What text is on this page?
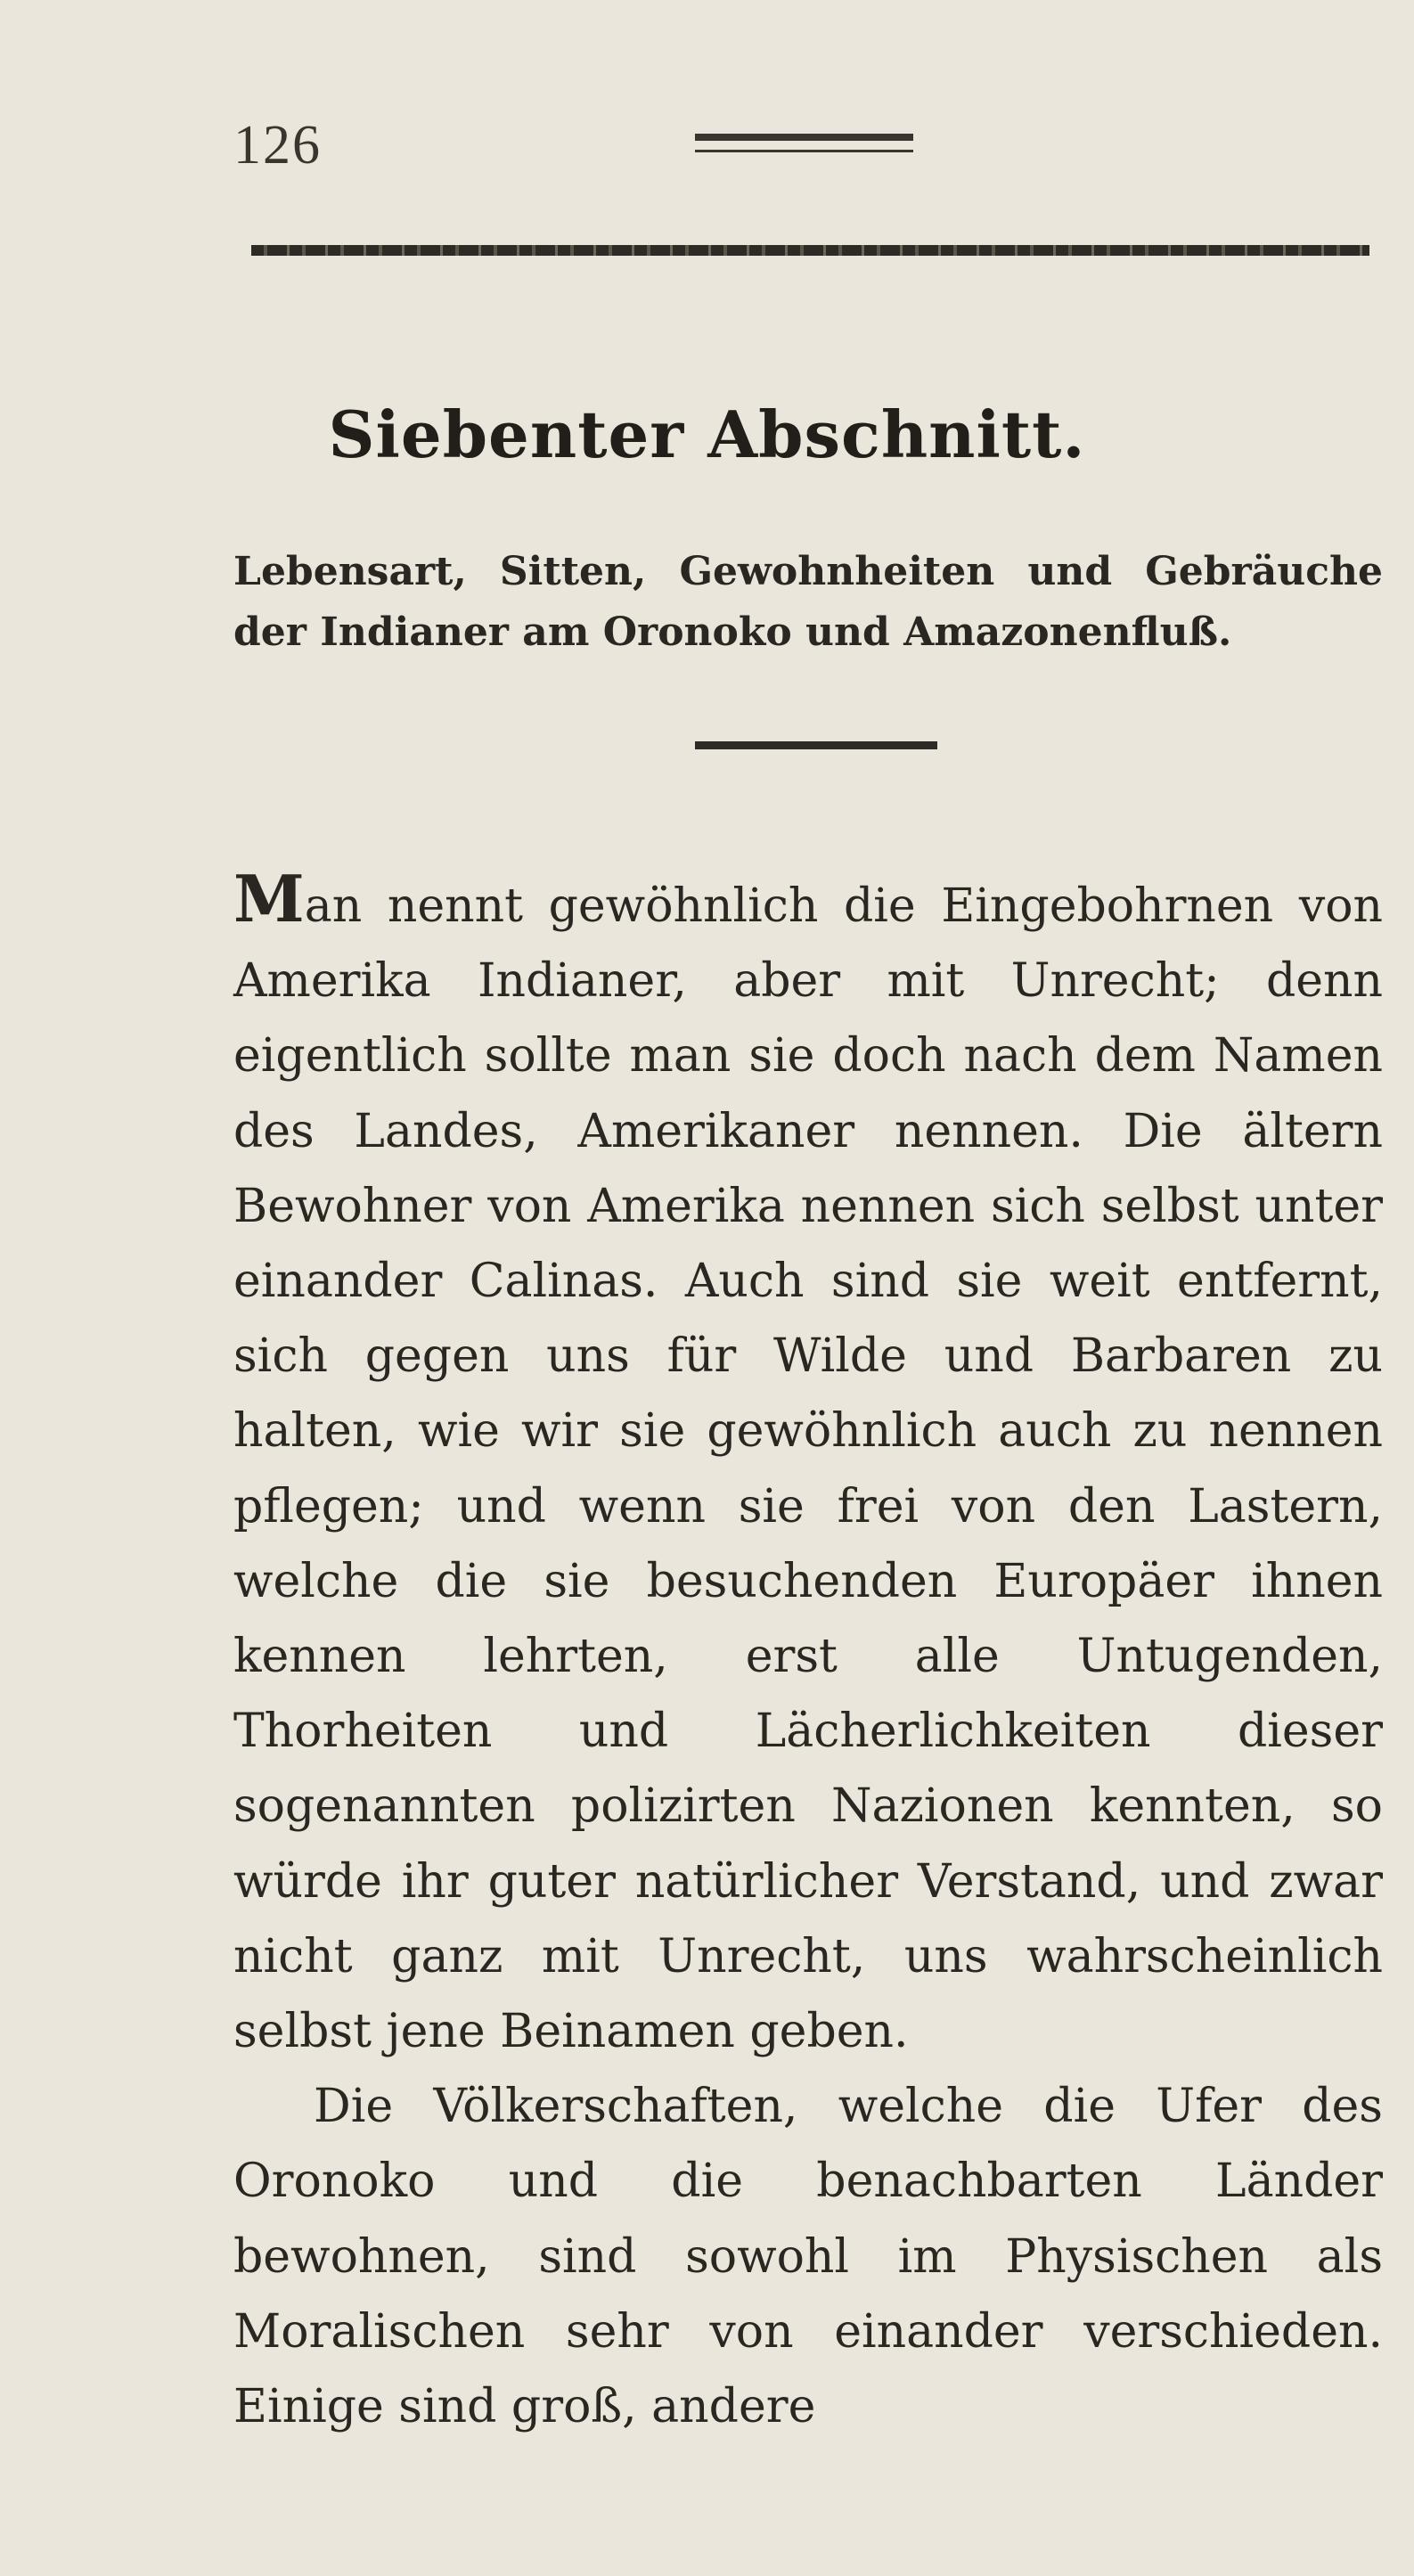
126
Siebenter Abschnitt.

Lebensart, Sitten, Gewohnheiten und Gebräuche der Indianer am Oronoko und Amazonenfluß.

Man nennt gewöhnlich die Eingebohrnen von Amerika Indianer, aber mit Unrecht; denn eigentlich sollte man sie doch nach dem Namen des Landes, Amerikaner nennen. Die ältern Bewohner von Amerika nennen sich selbst unter einander Calinas. Auch sind sie weit entfernt, sich gegen uns für Wilde und Barbaren zu halten, wie wir sie gewöhnlich auch zu nennen pflegen; und wenn sie frei von den Lastern, welche die sie besuchenden Europäer ihnen kennen lehrten, erst alle Untugenden, Thorheiten und Lächerlichkeiten dieser sogenannten polizirten Nazionen kennten, so würde ihr guter natürlicher Verstand, und zwar nicht ganz mit Unrecht, uns wahrscheinlich selbst jene Beinamen geben.

Die Völkerschaften, welche die Ufer des Oronoko und die benachbarten Länder bewohnen, sind sowohl im Physischen als Moralischen sehr von einander verschieden. Einige sind groß, andere
